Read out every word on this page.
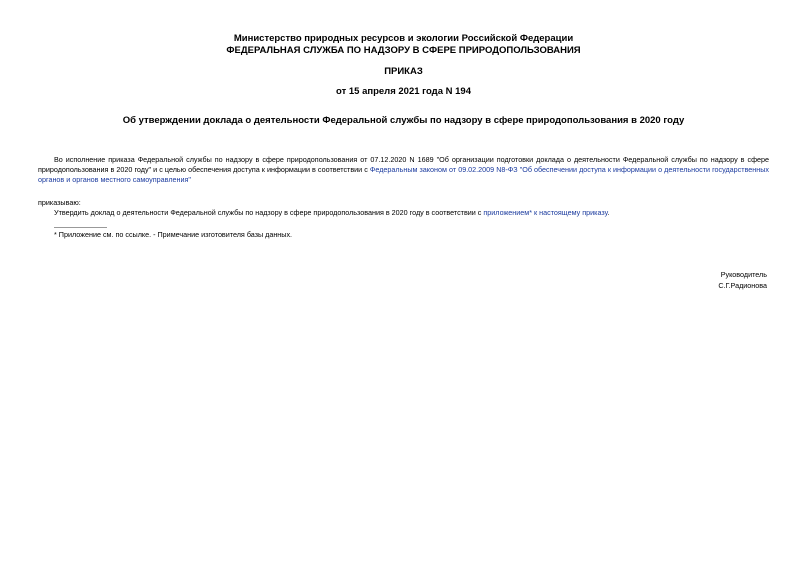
Министерство природных ресурсов и экологии Российской Федерации
ФЕДЕРАЛЬНАЯ СЛУЖБА ПО НАДЗОРУ В СФЕРЕ ПРИРОДОПОЛЬЗОВАНИЯ
ПРИКАЗ
от 15 апреля 2021 года N 194
Об утверждении доклада о деятельности Федеральной службы по надзору в сфере природопользования в 2020 году
Во исполнение приказа Федеральной службы по надзору в сфере природопользования от 07.12.2020 N 1689 "Об организации подготовки доклада о деятельности Федеральной службы по надзору в сфере природопользования в 2020 году" и с целью обеспечения доступа к информации в соответствии с Федеральным законом от 09.02.2009 N8-ФЗ "Об обеспечении доступа к информации о деятельности государственных органов и органов местного самоуправления"
приказываю:
Утвердить доклад о деятельности Федеральной службы по надзору в сфере природопользования в 2020 году в соответствии с приложением* к настоящему приказу.
* Приложение см. по ссылке. - Примечание изготовителя базы данных.
Руководитель
С.Г.Радионова
